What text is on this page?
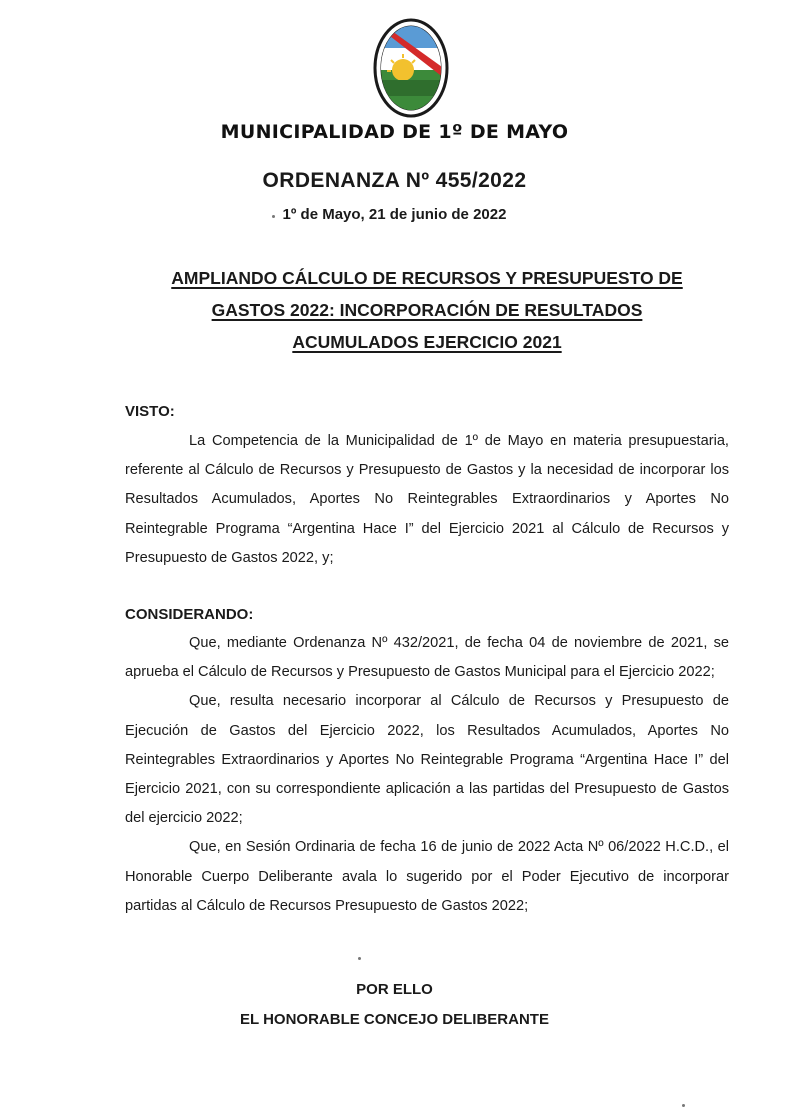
MUNICIPALIDAD DE 1º DE MAYO
ORDENANZA Nº 455/2022
1º de Mayo, 21 de junio de 2022
AMPLIANDO CÁLCULO DE RECURSOS Y PRESUPUESTO DE
GASTOS 2022: INCORPORACIÓN DE RESULTADOS
ACUMULADOS EJERCICIO 2021
VISTO:

La Competencia de la Municipalidad de 1º de Mayo en materia presupuestaria, referente al Cálculo de Recursos y Presupuesto de Gastos y la necesidad de incorporar los Resultados Acumulados, Aportes No Reintegrables Extraordinarios y Aportes No Reintegrable Programa “Argentina Hace I” del Ejercicio 2021 al Cálculo de Recursos y Presupuesto de Gastos 2022, y;

CONSIDERANDO:

Que, mediante Ordenanza Nº 432/2021, de fecha 04 de noviembre de 2021, se aprueba el Cálculo de Recursos y Presupuesto de Gastos Municipal para el Ejercicio 2022;

Que, resulta necesario incorporar al Cálculo de Recursos y Presupuesto de Ejecución de Gastos del Ejercicio 2022, los Resultados Acumulados, Aportes No Reintegrables Extraordinarios y Aportes No Reintegrable Programa “Argentina Hace I” del Ejercicio 2021, con su correspondiente aplicación a las partidas del Presupuesto de Gastos del ejercicio 2022;

Que, en Sesión Ordinaria de fecha 16 de junio de 2022 Acta Nº 06/2022 H.C.D., el Honorable Cuerpo Deliberante avala lo sugerido por el Poder Ejecutivo de incorporar partidas al Cálculo de Recursos Presupuesto de Gastos 2022;

POR ELLO
EL HONORABLE CONCEJO DELIBERANTE
